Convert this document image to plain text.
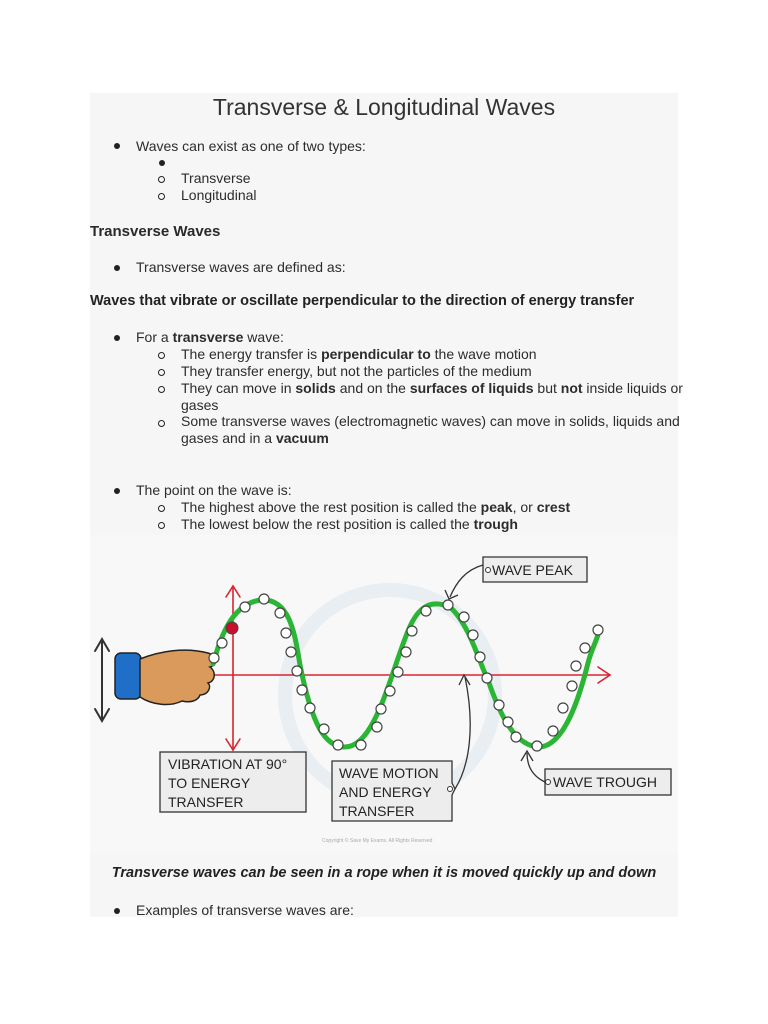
Transverse & Longitudinal Waves
Waves can exist as one of two types:
Transverse
Longitudinal
Transverse Waves
Transverse waves are defined as:
Waves that vibrate or oscillate perpendicular to the direction of energy transfer
For a transverse wave:
The energy transfer is perpendicular to the wave motion
They transfer energy, but not the particles of the medium
They can move in solids and on the surfaces of liquids but not inside liquids or
gases
Some transverse waves (electromagnetic waves) can move in solids, liquids and
gases and in a vacuum
The point on the wave is:
The highest above the rest position is called the peak, or crest
The lowest below the rest position is called the trough
WAVE PEAK
WAVE TROUGH
VIBRATION AT 90°
TO ENERGY
TRANSFER
WAVE MOTION
AND ENERGY
TRANSFER
Copyright © Save My Exams. All Rights Reserved
Transverse waves can be seen in a rope when it is moved quickly up and down
Examples of transverse waves are:
